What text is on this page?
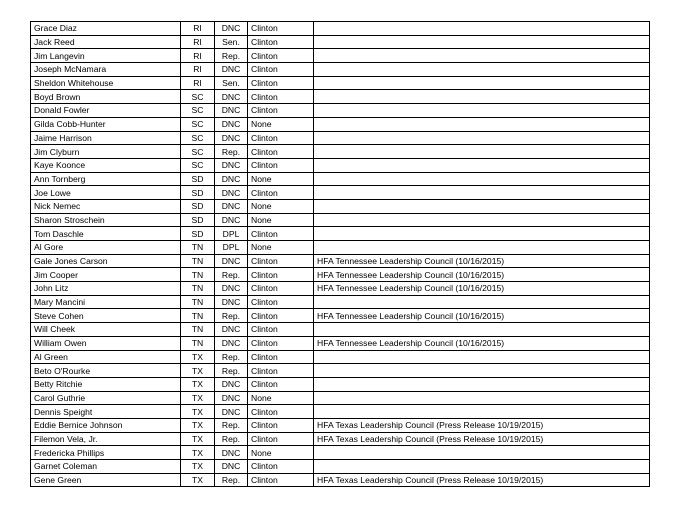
Grace Diaz	RI	DNC	Clinton	
Jack Reed	RI	Sen.	Clinton	
Jim Langevin	RI	Rep.	Clinton	
Joseph McNamara	RI	DNC	Clinton	
Sheldon Whitehouse	RI	Sen.	Clinton	
Boyd Brown	SC	DNC	Clinton	
Donald Fowler	SC	DNC	Clinton	
Gilda Cobb-Hunter	SC	DNC	None	
Jaime Harrison	SC	DNC	Clinton	
Jim Clyburn	SC	Rep.	Clinton	
Kaye Koonce	SC	DNC	Clinton	
Ann Tornberg	SD	DNC	None	
Joe Lowe	SD	DNC	Clinton	
Nick Nemec	SD	DNC	None	
Sharon Stroschein	SD	DNC	None	
Tom Daschle	SD	DPL	Clinton	
Al Gore	TN	DPL	None	
Gale Jones Carson	TN	DNC	Clinton	HFA Tennessee Leadership Council (10/16/2015)
Jim Cooper	TN	Rep.	Clinton	HFA Tennessee Leadership Council (10/16/2015)
John Litz	TN	DNC	Clinton	HFA Tennessee Leadership Council (10/16/2015)
Mary Mancini	TN	DNC	Clinton	
Steve Cohen	TN	Rep.	Clinton	HFA Tennessee Leadership Council (10/16/2015)
Will Cheek	TN	DNC	Clinton	
William Owen	TN	DNC	Clinton	HFA Tennessee Leadership Council (10/16/2015)
Al Green	TX	Rep.	Clinton	
Beto O'Rourke	TX	Rep.	Clinton	
Betty Ritchie	TX	DNC	Clinton	
Carol Guthrie	TX	DNC	None	
Dennis Speight	TX	DNC	Clinton	
Eddie Bernice Johnson	TX	Rep.	Clinton	HFA Texas Leadership Council (Press Release 10/19/2015)
Filemon Vela, Jr.	TX	Rep.	Clinton	HFA Texas Leadership Council (Press Release 10/19/2015)
Fredericka Phillips	TX	DNC	None	
Garnet Coleman	TX	DNC	Clinton	
Gene Green	TX	Rep.	Clinton	HFA Texas Leadership Council (Press Release 10/19/2015)
